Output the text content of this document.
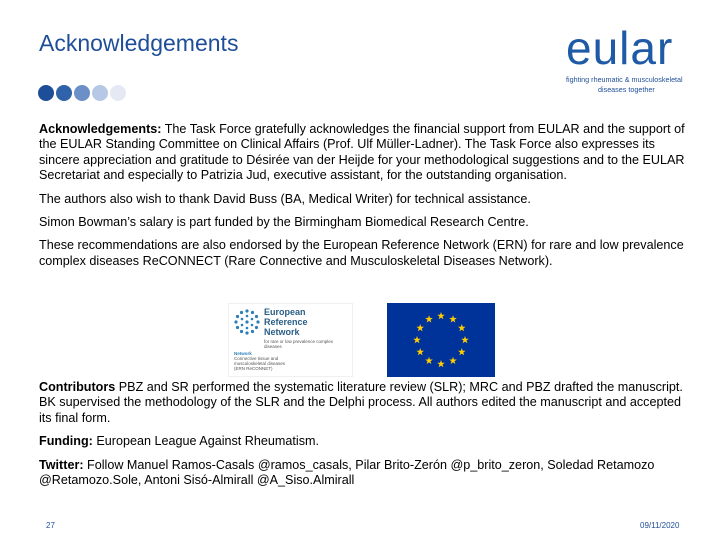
Acknowledgements	eular
fighting rheumatic & musculoskeletal
diseases together

Acknowledgements: The Task Force gratefully acknowledges the financial support from EULAR and the support of the EULAR Standing Committee on Clinical Affairs (Prof. Ulf Müller-Ladner). The Task Force also expresses its sincere appreciation and gratitude to Désirée van der Heijde for your methodological suggestions and to the EULAR Secretariat and especially to Patrizia Jud, executive assistant, for the outstanding organisation.

The authors also wish to thank David Buss (BA, Medical Writer) for technical assistance.

Simon Bowman’s salary is part funded by the Birmingham Biomedical Research Centre.

These recommendations are also endorsed by the European Reference Network (ERN) for rare and low prevalence complex diseases ReCONNECT (Rare Connective and Musculoskeletal Diseases Network).

European
Reference
Network
for rare or low prevalence complex diseases
Network
Connective tissue and musculoskeletal diseases (ERN ReCONNET)

Contributors PBZ and SR performed the systematic literature review (SLR); MRC and PBZ drafted the manuscript. BK supervised the methodology of the SLR and the Delphi process. All authors edited the manuscript and accepted its final form.

Funding: European League Against Rheumatism.

Twitter: Follow Manuel Ramos-Casals @ramos_casals, Pilar Brito-Zerón @p_brito_zeron, Soledad Retamozo @Retamozo.Sole, Antoni Sisó-Almirall @A_Siso.Almirall

27	09/11/2020
